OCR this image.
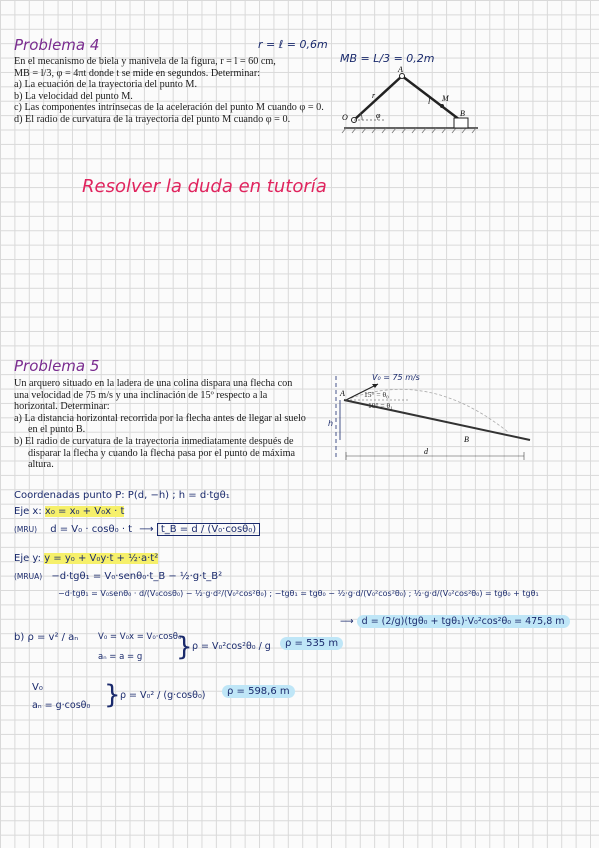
Problema 4	r = ℓ = 0,6m
MB = L/3 = 0,2m

En el mecanismo de biela y manivela de la figura, r = l = 60 cm,

MB = l/3, φ = 4πt donde t se mide en segundos. Determinar:

a) La ecuación de la trayectoria del punto M.

b) La velocidad del punto M.

c) Las componentes intrínsecas de la aceleración del punto M cuando φ = 0.

d) El radio de curvatura de la trayectoria del punto M cuando φ = 0.

A
O	B
M
r
l
φ
Resolver la duda en tutoría
Problema 5

Un arquero situado en la ladera de una colina dispara una flecha con

una velocidad de 75 m/s y una inclinación de 15º respecto a la

horizontal. Determinar:

a) La distancia horizontal recorrida por la flecha antes de llegar al suelo en el punto B.

b) El radio de curvatura de la trayectoria inmediatamente después de disparar la flecha y cuando la flecha pasa por el punto de máxima altura.

V₀ = 75 m/s
15° = θ₀
10° = θ₁
A
B
d
h
Coordenadas punto P: P(d, −h) ; h = d·tgθ₁
Eje x: x₀ = x₀ + V₀x · t
(MRU) d = V₀ · cosθ₀ · t ⟶ t_B = d / (V₀·cosθ₀)
Eje y: y = y₀ + V₀y·t + ½·a·t²
(MRUA) −d·tgθ₁ = V₀·senθ₀·t_B − ½·g·t_B²
−d·tgθ₁ = V₀senθ₀ · d/(V₀cosθ₀) − ½·g·d²/(V₀²cos²θ₀) ; −tgθ₁ = tgθ₀ − ½·g·d/(V₀²cos²θ₀) ; ½·g·d/(V₀²cos²θ₀) = tgθ₀ + tgθ₁
⟶ d = (2/g)(tgθ₀ + tgθ₁)·V₀²cos²θ₀ = 475,8 m
b) ρ = v² / aₙ V₀ = V₀x = V₀·cosθ₀
aₙ = a = g } ρ = V₀²cos²θ₀ / g	ρ = 535 m
V₀
aₙ = g·cosθ₀ } ρ = V₀² / (g·cosθ₀)	ρ = 598,6 m
